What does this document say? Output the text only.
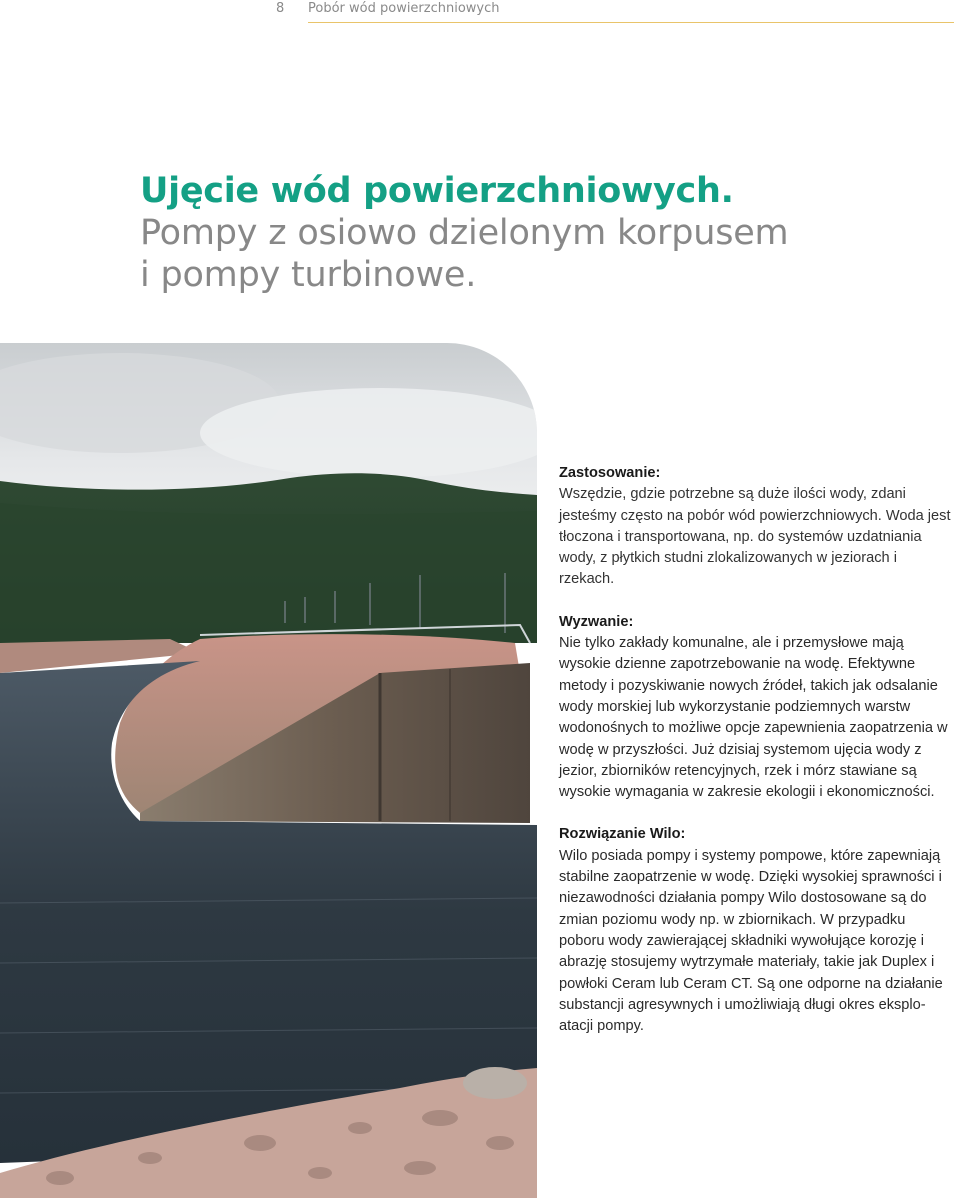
8 Pobór wód powierzchniowych
Ujęcie wód powierzchniowych.
Pompy z osiowo dzielonym korpusem
i pompy turbinowe.
Zastosowanie:

Wszędzie, gdzie potrzebne są duże ilości wody, zdani jesteśmy często na pobór wód powierzchniowych. Woda jest tłoczona i transportowana, np. do systemów uzdatniania wody, z płytkich studni zlokalizowanych w jeziorach i rzekach.

Wyzwanie:

Nie tylko zakłady komunalne, ale i przemysłowe mają wysokie dzienne zapotrzebowanie na wodę. Efektywne metody i pozyskiwanie nowych źródeł, takich jak odsalanie wody morskiej lub wykorzystanie podziemnych warstw wodonośnych to możliwe opcje zapewnienia zaopatrzenia w wodę w przyszłości. Już dzisiaj systemom ujęcia wody z jezior, zbiorników retencyjnych, rzek i mórz stawiane są wysokie wymagania w zakresie ekologii i ekonomiczności.

Rozwiązanie Wilo:

Wilo posiada pompy i systemy pompowe, które zapewniają stabilne zaopatrzenie w wodę. Dzięki wysokiej sprawności i niezawodności działania pompy Wilo dostosowane są do zmian poziomu wody np. w zbiornikach. W przypadku poboru wody zawierającej składniki wywołujące korozję i abrazję stosujemy wytrzymałe materiały, takie jak Duplex i powłoki Ceram lub Ceram CT. Są one odporne na działanie substancji agresywnych i umożliwiają długi okres eksploatacji pompy.
